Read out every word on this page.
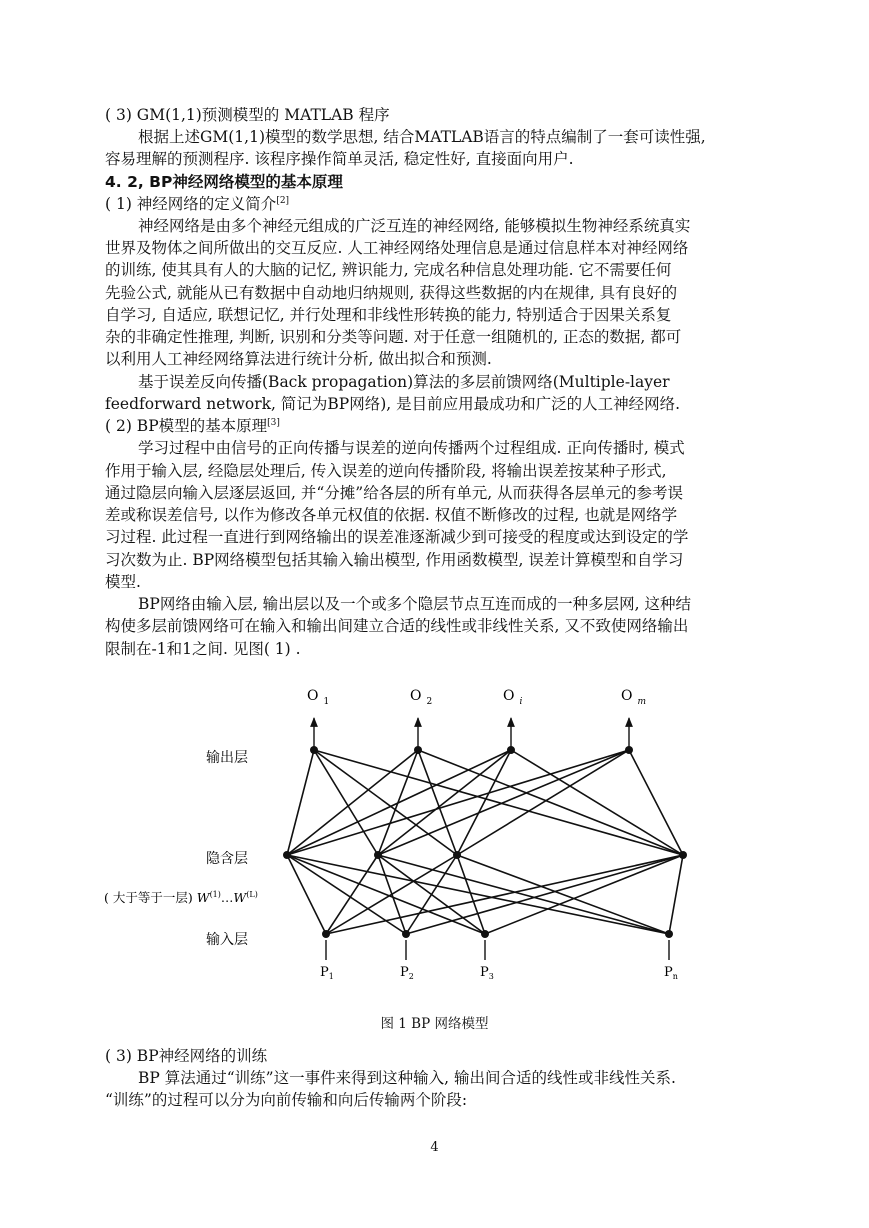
( 3) GM(1,1)预测模型的 MATLAB 程序
根据上述GM(1,1)模型的数学思想, 结合MATLAB语言的特点编制了一套可读性强,
容易理解的预测程序. 该程序操作简单灵活, 稳定性好, 直接面向用户.
4. 2, BP神经网络模型的基本原理
( 1) 神经网络的定义简介[2]
神经网络是由多个神经元组成的广泛互连的神经网络, 能够模拟生物神经系统真实
世界及物体之间所做出的交互反应. 人工神经网络处理信息是通过信息样本对神经网络
的训练, 使其具有人的大脑的记忆, 辨识能力, 完成名种信息处理功能. 它不需要任何
先验公式, 就能从已有数据中自动地归纳规则, 获得这些数据的内在规律, 具有良好的
自学习, 自适应, 联想记忆, 并行处理和非线性形转换的能力, 特别适合于因果关系复
杂的非确定性推理, 判断, 识别和分类等问题. 对于任意一组随机的, 正态的数据, 都可
以利用人工神经网络算法进行统计分析, 做出拟合和预测.
基于误差反向传播(Back propagation)算法的多层前馈网络(Multiple-layer
feedforward network, 简记为BP网络), 是目前应用最成功和广泛的人工神经网络.
( 2) BP模型的基本原理[3]
学习过程中由信号的正向传播与误差的逆向传播两个过程组成. 正向传播时, 模式
作用于输入层, 经隐层处理后, 传入误差的逆向传播阶段, 将输出误差按某种子形式,
通过隐层向输入层逐层返回, 并“分摊”给各层的所有单元, 从而获得各层单元的参考误
差或称误差信号, 以作为修改各单元权值的依据. 权值不断修改的过程, 也就是网络学
习过程. 此过程一直进行到网络输出的误差准逐渐减少到可接受的程度或达到设定的学
习次数为止. BP网络模型包括其输入输出模型, 作用函数模型, 误差计算模型和自学习
模型.
BP网络由输入层, 输出层以及一个或多个隐层节点互连而成的一种多层网, 这种结
构使多层前馈网络可在输入和输出间建立合适的线性或非线性关系, 又不致使网络输出
限制在-1和1之间. 见图( 1) .
O $_1$	O $_2$	O $_i$	O $_m$
输出层
隐含层
( 大于等于一层) $W^{(1)}\dots W^{(L)}$
输入层
$P_1$	$P_2$	$P_3$	$P_n$
图 1 BP 网络模型
( 3) BP神经网络的训练
BP 算法通过“训练”这一事件来得到这种输入, 输出间合适的线性或非线性关系.
“训练”的过程可以分为向前传输和向后传输两个阶段:
4
